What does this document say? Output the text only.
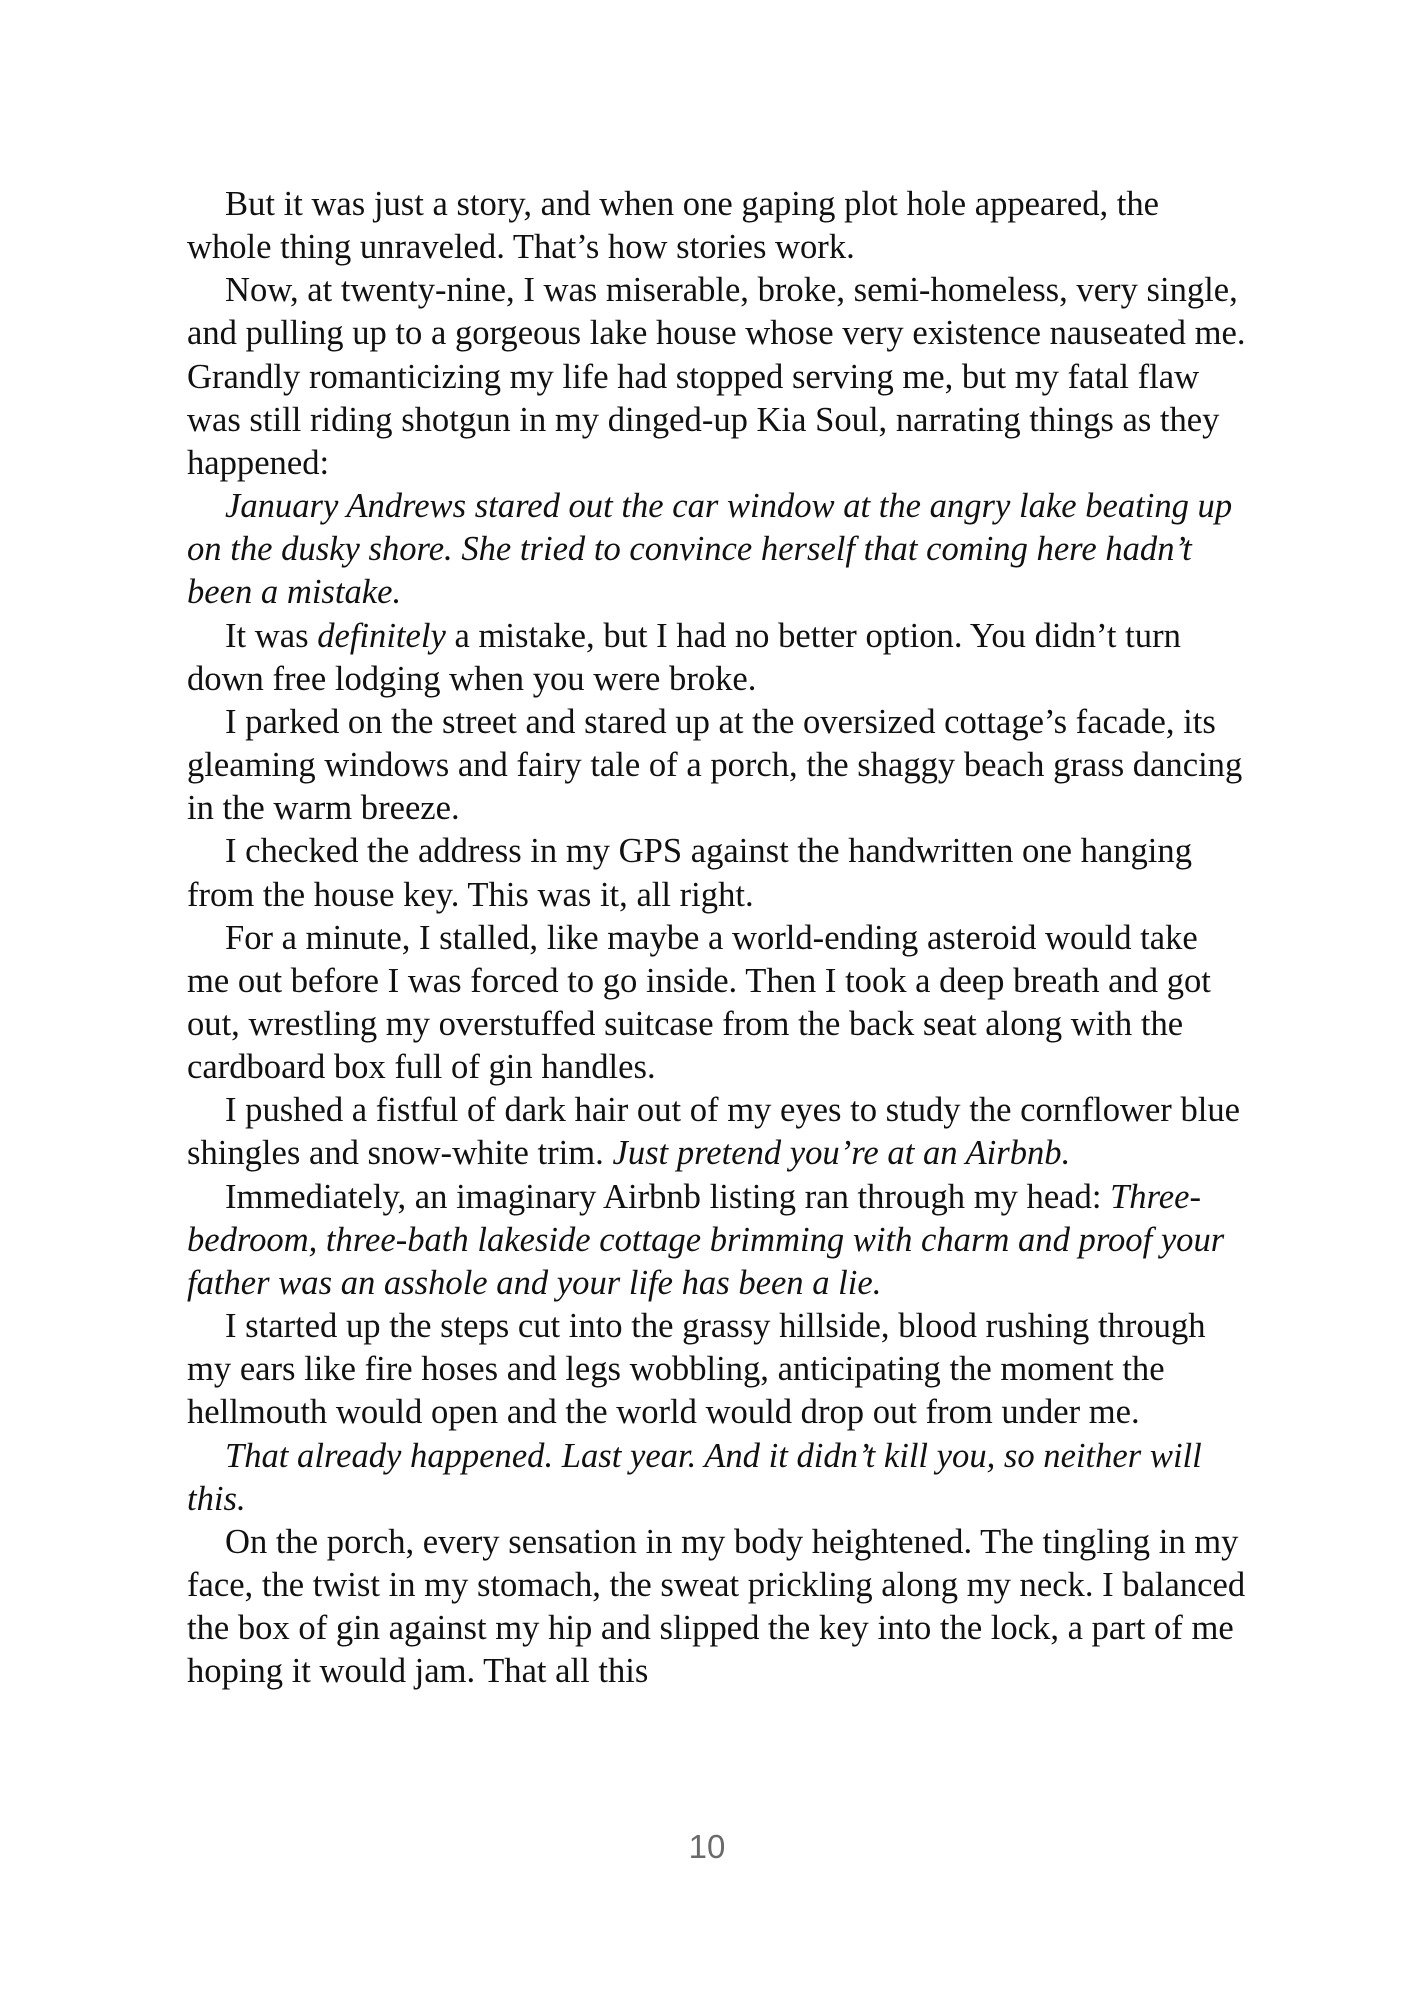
But it was just a story, and when one gaping plot hole appeared, the whole thing unraveled. That’s how stories work.

Now, at twenty-nine, I was miserable, broke, semi-homeless, very single, and pulling up to a gorgeous lake house whose very existence nauseated me. Grandly romanticizing my life had stopped serving me, but my fatal flaw was still riding shotgun in my dinged-up Kia Soul, narrating things as they happened:

January Andrews stared out the car window at the angry lake beating up on the dusky shore. She tried to convince herself that coming here hadn’t been a mistake.

It was definitely a mistake, but I had no better option. You didn’t turn down free lodging when you were broke.

I parked on the street and stared up at the oversized cottage’s facade, its gleaming windows and fairy tale of a porch, the shaggy beach grass dancing in the warm breeze.

I checked the address in my GPS against the handwritten one hanging from the house key. This was it, all right.

For a minute, I stalled, like maybe a world-ending asteroid would take me out before I was forced to go inside. Then I took a deep breath and got out, wrestling my overstuffed suitcase from the back seat along with the cardboard box full of gin handles.

I pushed a fistful of dark hair out of my eyes to study the cornflower blue shingles and snow-white trim. Just pretend you’re at an Airbnb.

Immediately, an imaginary Airbnb listing ran through my head: Three-bedroom, three-bath lakeside cottage brimming with charm and proof your father was an asshole and your life has been a lie.

I started up the steps cut into the grassy hillside, blood rushing through my ears like fire hoses and legs wobbling, anticipating the moment the hellmouth would open and the world would drop out from under me.

That already happened. Last year. And it didn’t kill you, so neither will this.

On the porch, every sensation in my body heightened. The tingling in my face, the twist in my stomach, the sweat prickling along my neck. I balanced the box of gin against my hip and slipped the key into the lock, a part of me hoping it would jam. That all this

10
